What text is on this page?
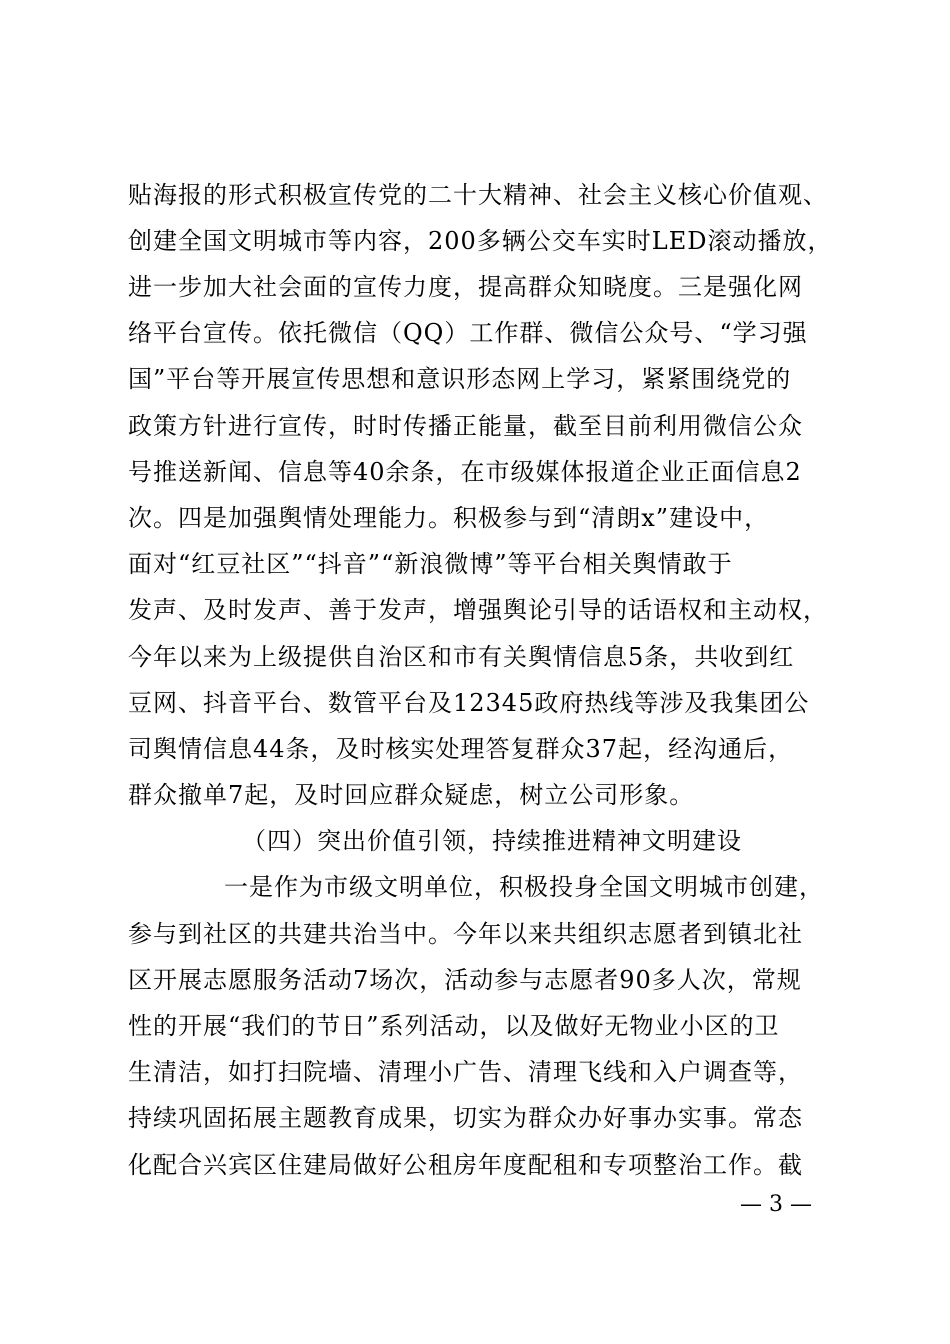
贴海报的形式积极宣传党的二十大精神、社会主义核心价值观、
创建全国文明城市等内容，200多辆公交车实时LED滚动播放，
进一步加大社会面的宣传力度，提高群众知晓度。三是强化网
络平台宣传。依托微信（QQ）工作群、微信公众号、“学习强
国”平台等开展宣传思想和意识形态网上学习，紧紧围绕党的
政策方针进行宣传，时时传播正能量，截至目前利用微信公众
号推送新闻、信息等40余条，在市级媒体报道企业正面信息2
次。四是加强舆情处理能力。积极参与到“清朗x”建设中，
面对“红豆社区”“抖音”“新浪微博”等平台相关舆情敢于
发声、及时发声、善于发声，增强舆论引导的话语权和主动权，
今年以来为上级提供自治区和市有关舆情信息5条，共收到红
豆网、抖音平台、数管平台及12345政府热线等涉及我集团公
司舆情信息44条，及时核实处理答复群众37起，经沟通后，
群众撤单7起，及时回应群众疑虑，树立公司形象。
（四）突出价值引领，持续推进精神文明建设
一是作为市级文明单位，积极投身全国文明城市创建，
参与到社区的共建共治当中。今年以来共组织志愿者到镇北社
区开展志愿服务活动7场次，活动参与志愿者90多人次，常规
性的开展“我们的节日”系列活动，以及做好无物业小区的卫
生清洁，如打扫院墙、清理小广告、清理飞线和入户调查等，
持续巩固拓展主题教育成果，切实为群众办好事办实事。常态
化配合兴宾区住建局做好公租房年度配租和专项整治工作。截
— 3 —
